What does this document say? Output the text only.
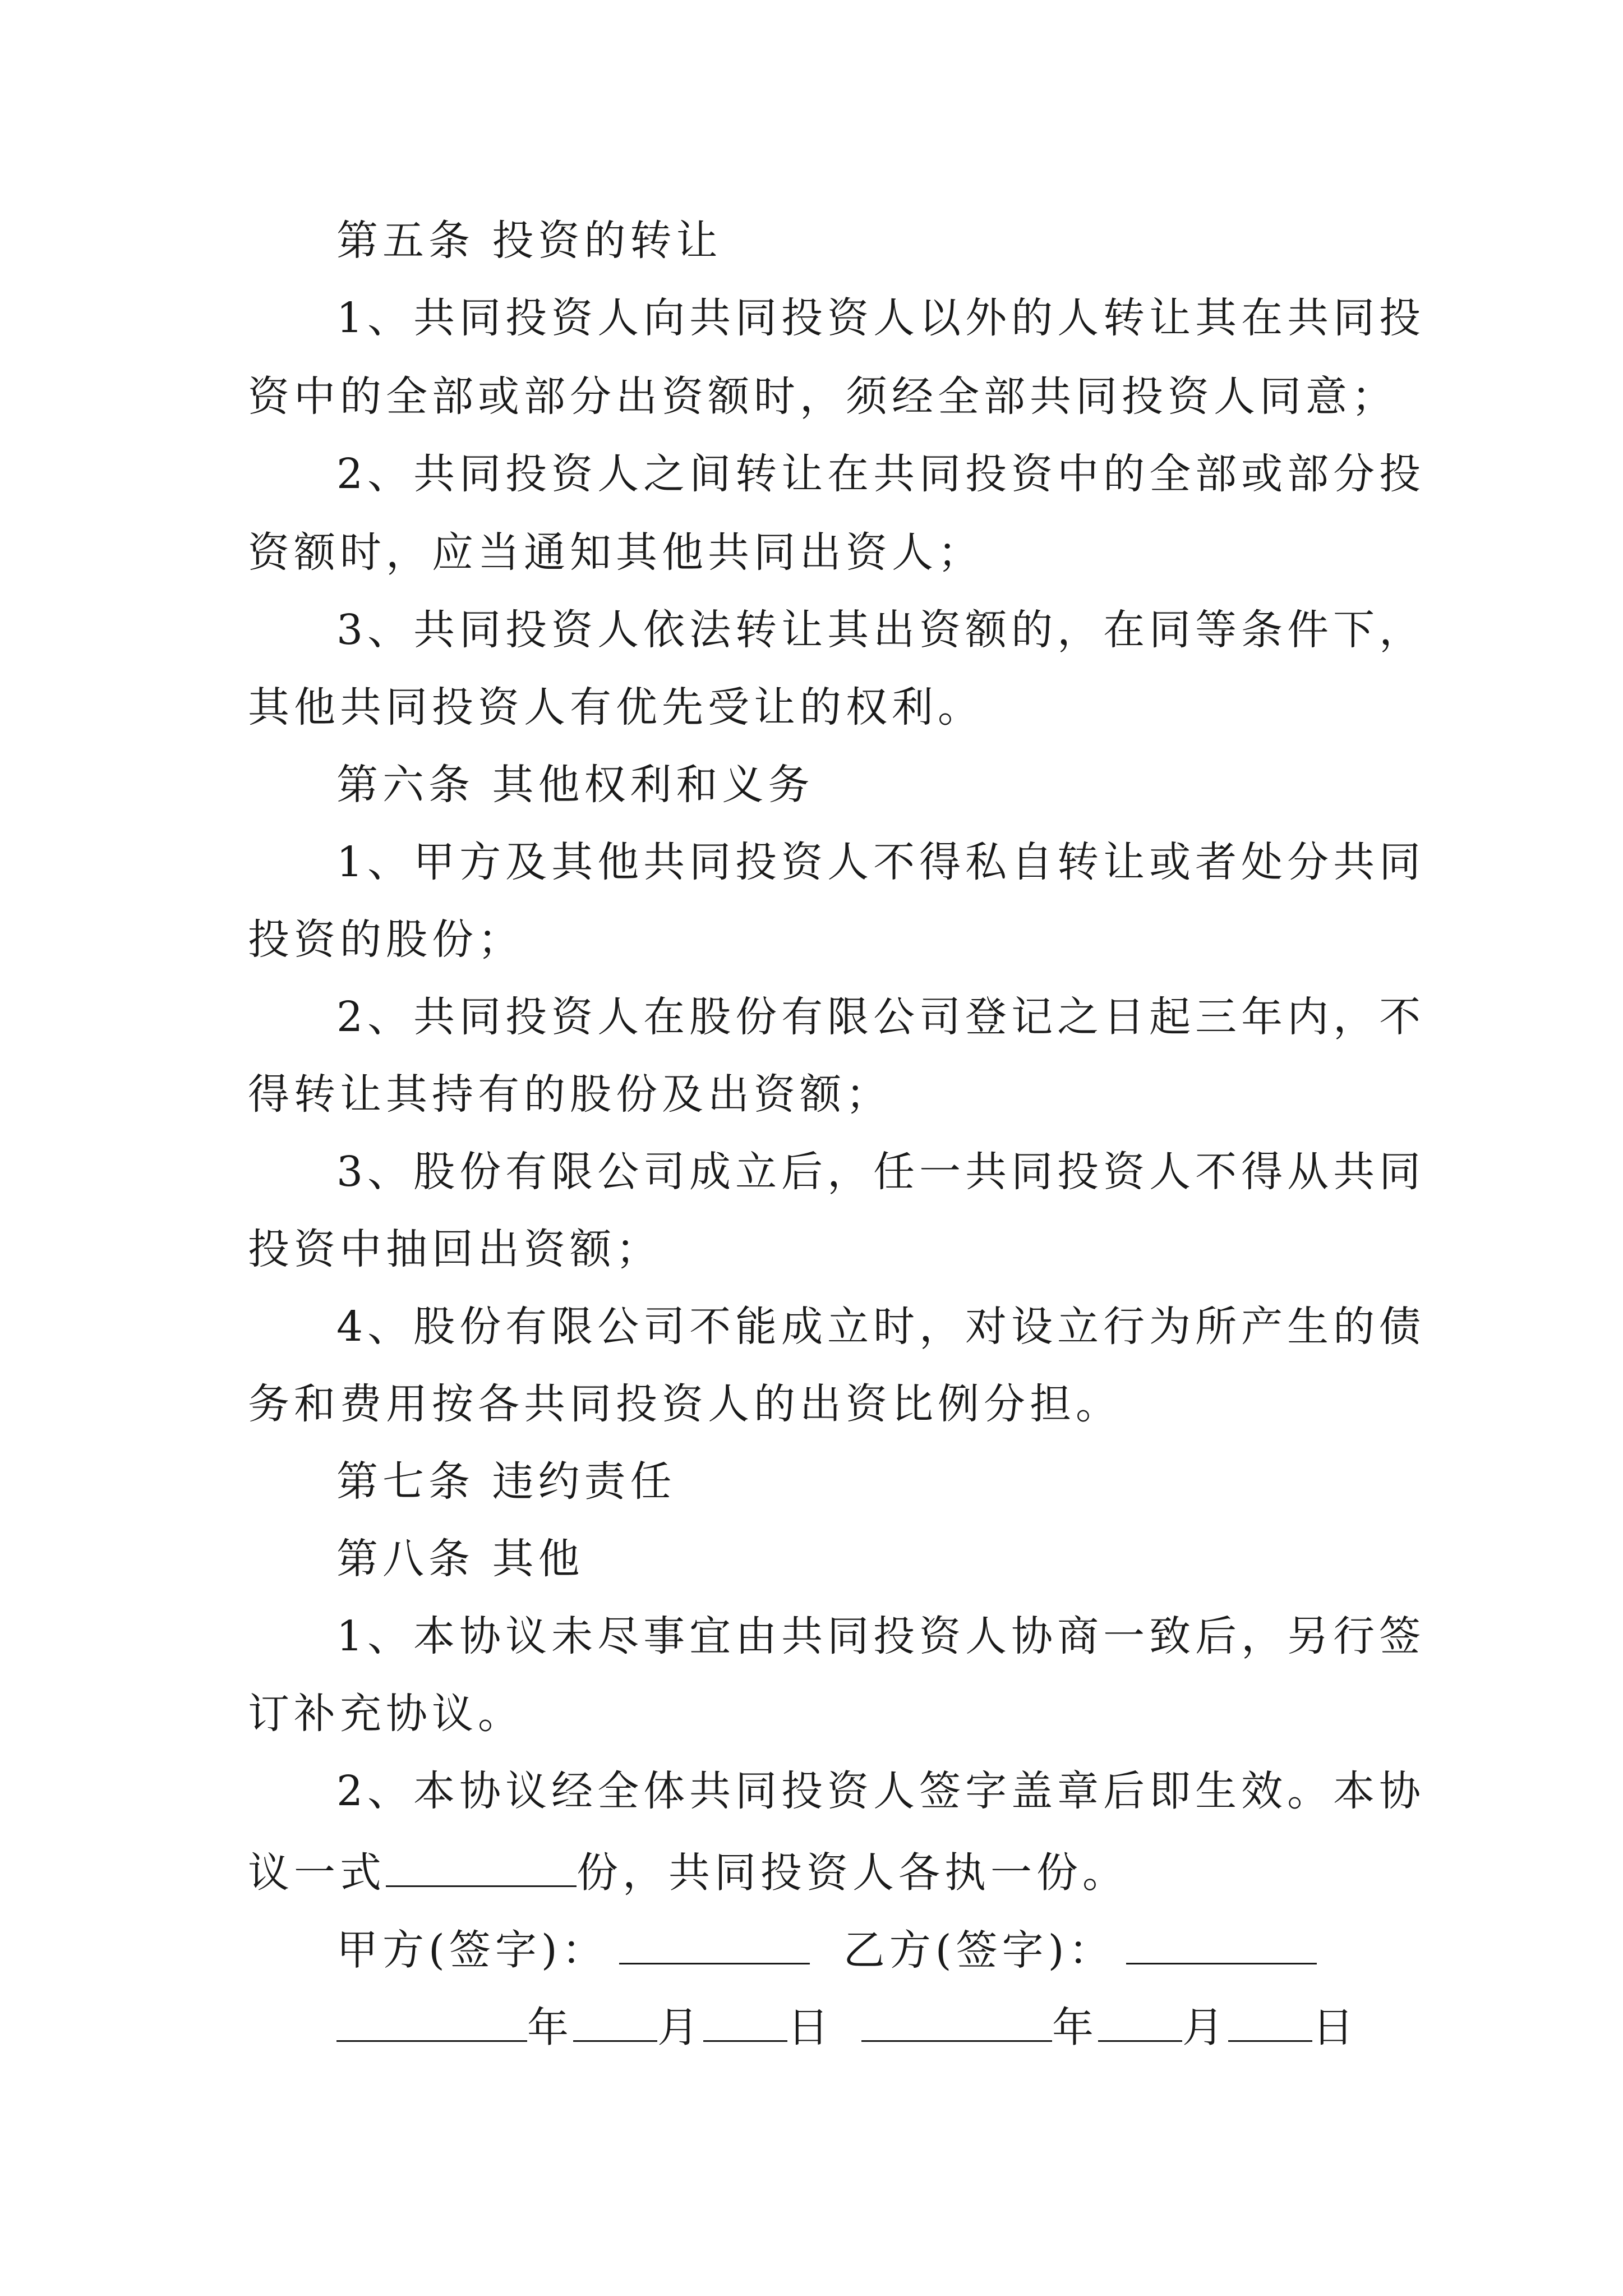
第五条 投资的转让
1、共同投资人向共同投资人以外的人转让其在共同投
资中的全部或部分出资额时，须经全部共同投资人同意；
2、共同投资人之间转让在共同投资中的全部或部分投
资额时，应当通知其他共同出资人；
3、共同投资人依法转让其出资额的，在同等条件下，
其他共同投资人有优先受让的权利。
第六条 其他权利和义务
1、甲方及其他共同投资人不得私自转让或者处分共同
投资的股份；
2、共同投资人在股份有限公司登记之日起三年内，不
得转让其持有的股份及出资额；
3、股份有限公司成立后，任一共同投资人不得从共同
投资中抽回出资额；
4、股份有限公司不能成立时，对设立行为所产生的债
务和费用按各共同投资人的出资比例分担。
第七条 违约责任
第八条 其他
1、本协议未尽事宜由共同投资人协商一致后，另行签
订补充协议。
2、本协议经全体共同投资人签字盖章后即生效。本协
议一式	份，共同投资人各执一份。
甲方(签字)：	乙方(签字)：
年 月 日	年 月 日
